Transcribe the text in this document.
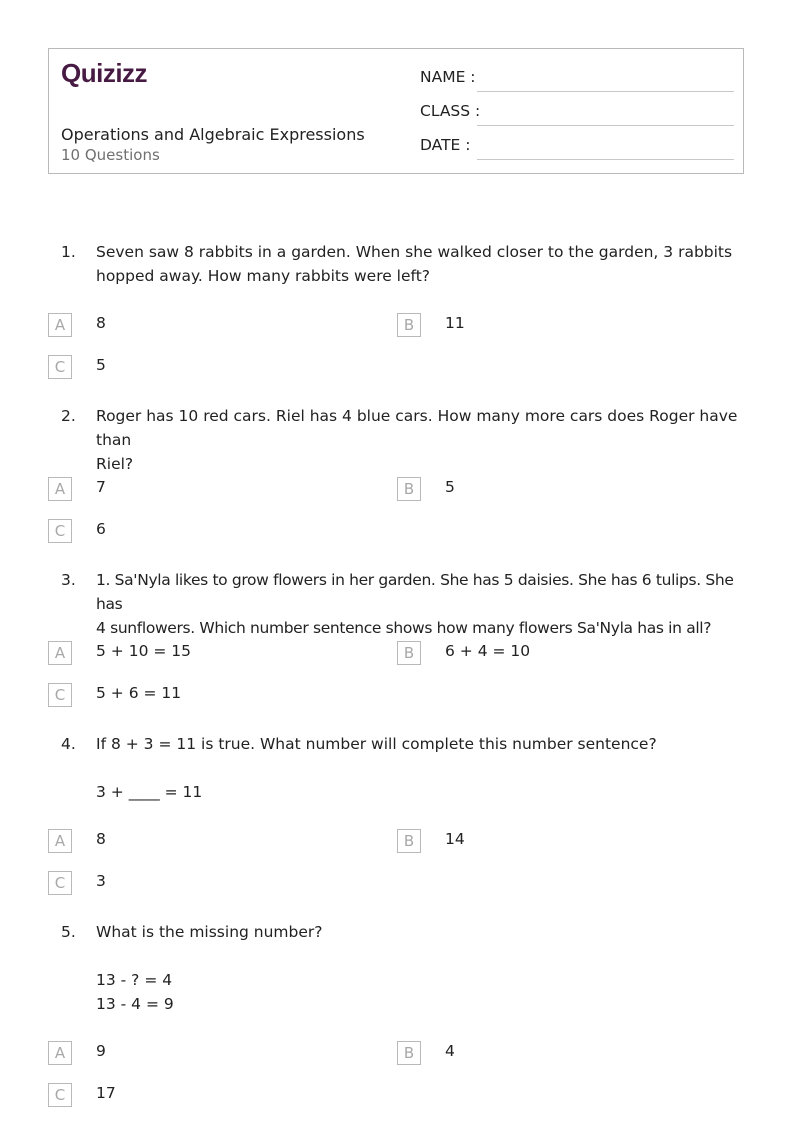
Quizizz
Operations and Algebraic Expressions
10 Questions
NAME :
CLASS :
DATE :
1. Seven saw 8 rabbits in a garden. When she walked closer to the garden, 3 rabbits
hopped away. How many rabbits were left?
A	8	B	11
C	5
2. Roger has 10 red cars. Riel has 4 blue cars. How many more cars does Roger have than
Riel?
A	7	B	5
C	6
3. 1. Sa'Nyla likes to grow flowers in her garden. She has 5 daisies. She has 6 tulips. She has
4 sunflowers. Which number sentence shows how many flowers Sa'Nyla has in all?
A	5 + 10 = 15	B	6 + 4 = 10
C	5 + 6 = 11
4. If 8 + 3 = 11 is true. What number will complete this number sentence?
3 + ____ = 11
A	8	B	14
C	3
5. What is the missing number?
13 - ? = 4
13 - 4 = 9
A	9	B	4
C	17
